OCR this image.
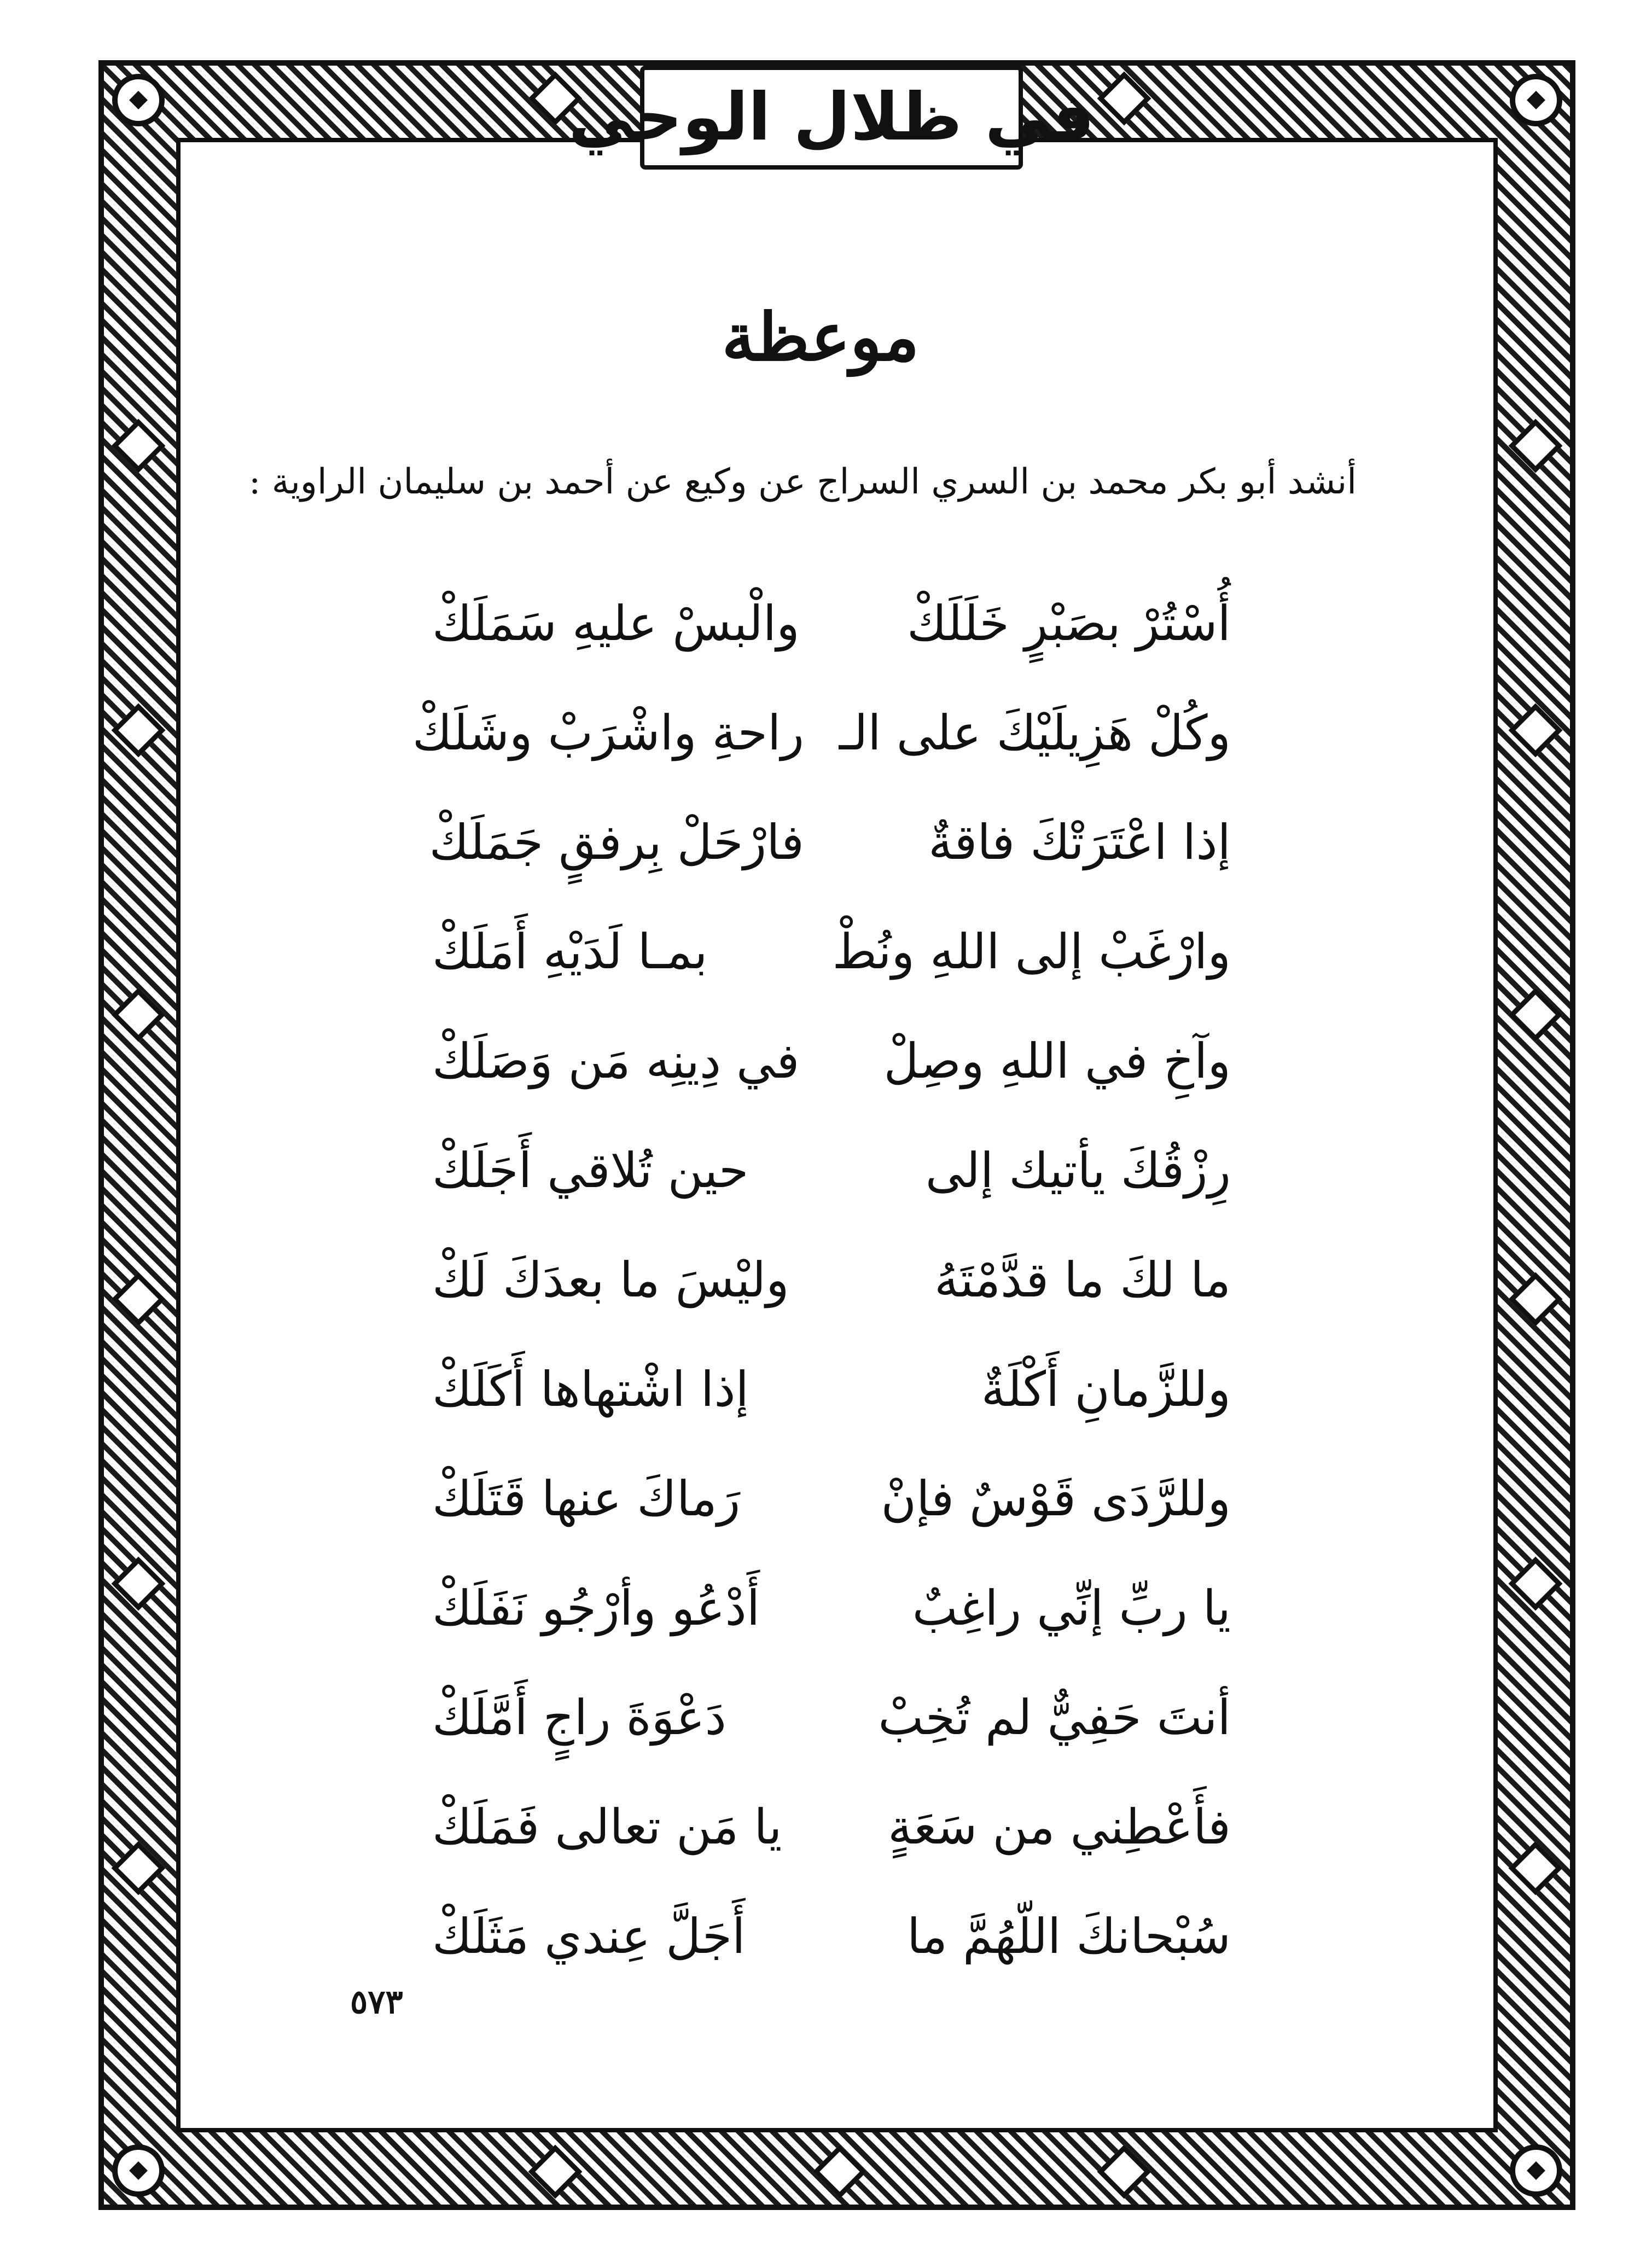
في ظلال الوحي
موعظة
أنشد أبو بكر محمد بن السري السراج عن وكيع عن أحمد بن سليمان الراوية :
أُسْتُرْ بصَبْرٍ خَلَلَكْ
والْبسْ عليهِ سَمَلَكْ
وكُلْ هَزِيلَيْكَ على الـ
راحةِ واشْرَبْ وشَلَكْ
إذا اعْتَرَتْكَ فاقةٌ
فارْحَلْ بِرفقٍ جَمَلَكْ
وارْغَبْ إلى اللهِ ونُطْ
بمـا لَدَيْهِ أَمَلَكْ
وآخِ في اللهِ وصِلْ
في دِينِه مَن وَصَلَكْ
رِزْقُكَ يأتيك إلى
حين تُلاقي أَجَلَكْ
ما لكَ ما قدَّمْتَهُ
وليْسَ ما بعدَكَ لَكْ
وللزَّمانِ أَكْلَةٌ
إذا اشْتهاها أَكَلَكْ
وللرَّدَى قَوْسٌ فإنْ
رَماكَ عنها قَتَلَكْ
يا ربِّ إنِّي راغِبٌ
أَدْعُو وأرْجُو نَفَلَكْ
أنتَ حَفِيٌّ لم تُخِبْ
دَعْوَةَ راجٍ أَمَّلَكْ
فأَعْطِني من سَعَةٍ
يا مَن تعالى فَمَلَكْ
سُبْحانكَ اللّهُمَّ ما
أَجَلَّ عِندي مَثَلَكْ
٥٧٣
